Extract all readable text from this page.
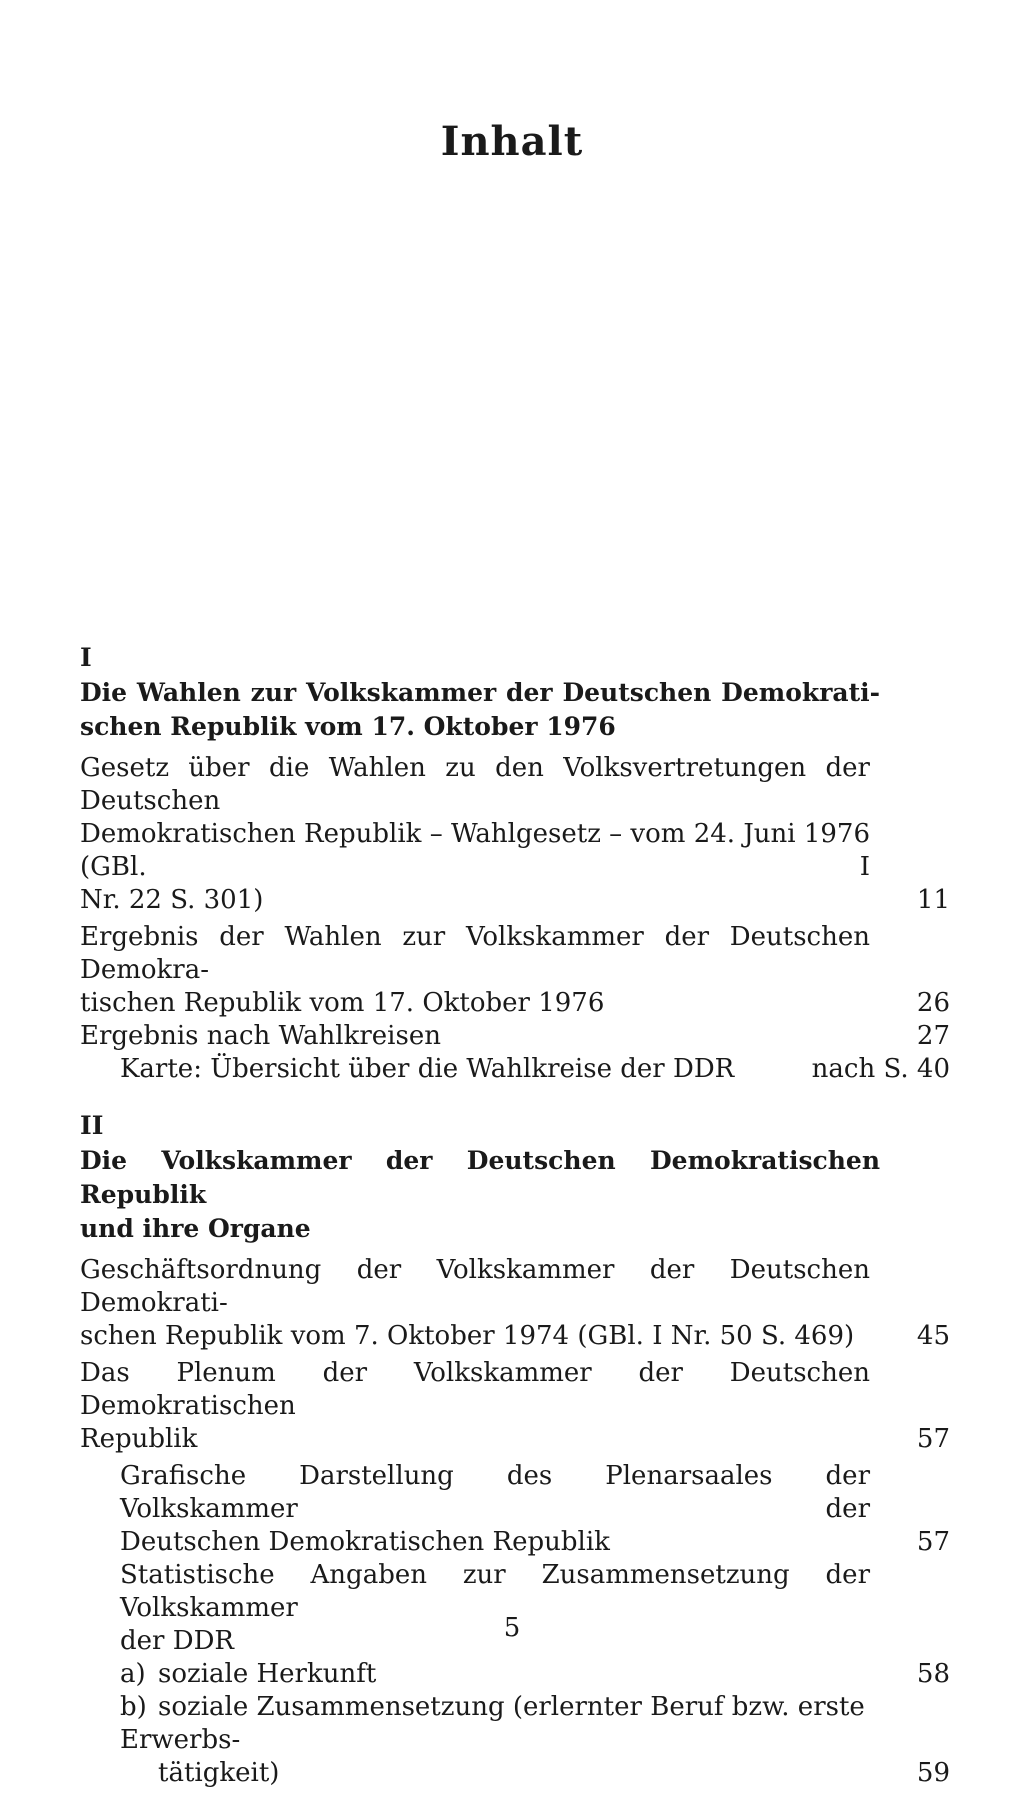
Inhalt
I
Die Wahlen zur Volkskammer der Deutschen Demokrati-
schen Republik vom 17. Oktober 1976
Gesetz über die Wahlen zu den Volksvertretungen der Deutschen
Demokratischen Republik – Wahlgesetz – vom 24. Juni 1976 (GBl. I
Nr. 22 S. 301)	11
Ergebnis der Wahlen zur Volkskammer der Deutschen Demokra-
tischen Republik vom 17. Oktober 1976	26
Ergebnis nach Wahlkreisen	27
Karte: Übersicht über die Wahlkreise der DDR	nach S. 40
II
Die Volkskammer der Deutschen Demokratischen Republik
und ihre Organe
Geschäftsordnung der Volkskammer der Deutschen Demokrati-
schen Republik vom 7. Oktober 1974 (GBl. I Nr. 50 S. 469)	45
Das Plenum der Volkskammer der Deutschen Demokratischen
Republik	57
Grafische Darstellung des Plenarsaales der Volkskammer der
Deutschen Demokratischen Republik	57
Statistische Angaben zur Zusammensetzung der Volkskammer
der DDR
a) soziale Herkunft	58
b) soziale Zusammensetzung (erlernter Beruf bzw. erste Erwerbs-
tätigkeit)	59
5
